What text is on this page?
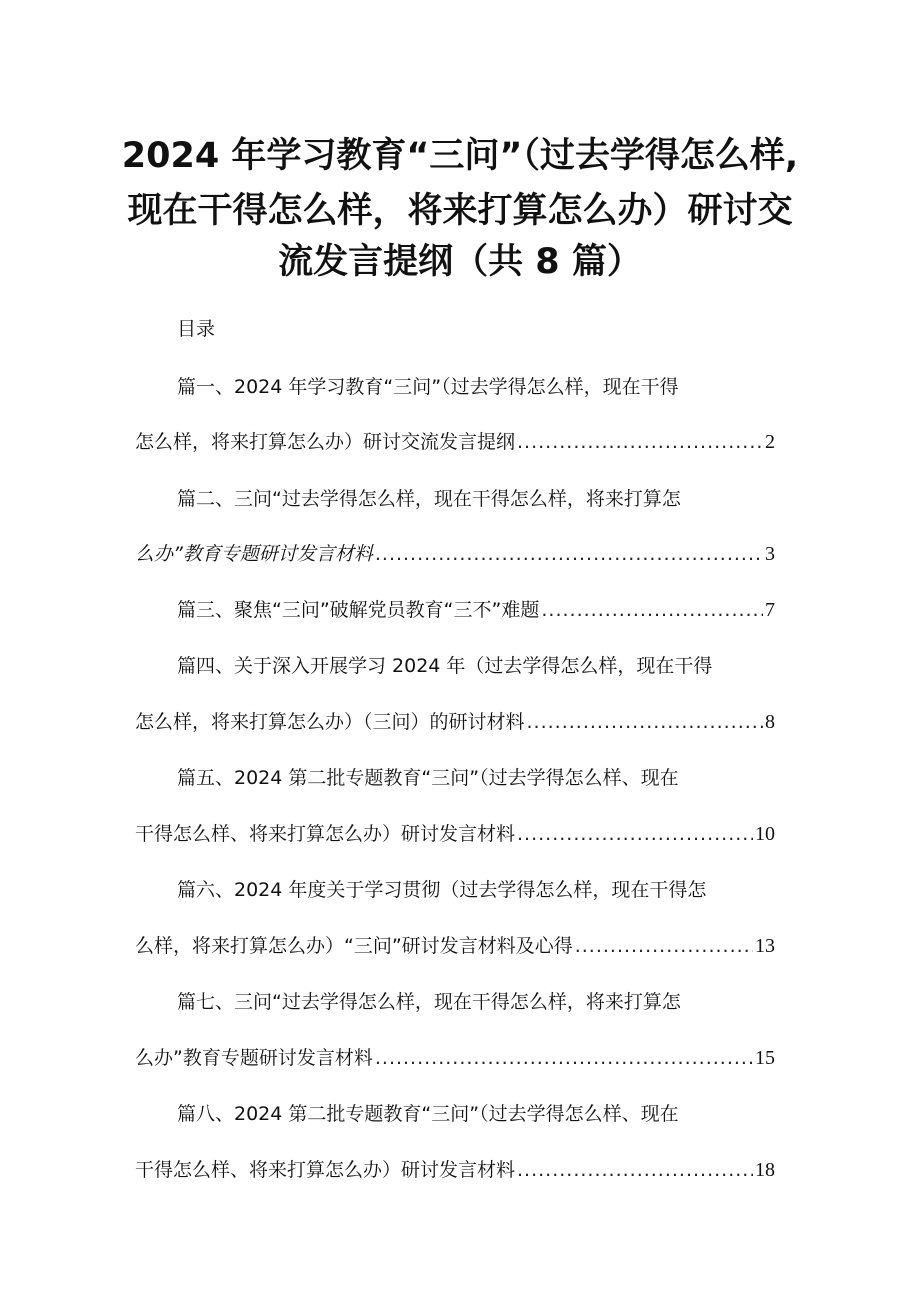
2024 年学习教育“三问”（过去学得怎么样,
现在干得怎么样，将来打算怎么办）研讨交
流发言提纲（共 8 篇）
目录
篇一、2024 年学习教育“三问”（过去学得怎么样，现在干得
怎么样，将来打算怎么办）研讨交流发言提纲 .....	2
篇二、三问“过去学得怎么样，现在干得怎么样，将来打算怎
么办”教育专题研讨发言材料 .....	3
篇三、聚焦“三问”破解党员教育“三不”难题 .....	7
篇四、关于深入开展学习 2024 年（过去学得怎么样，现在干得
怎么样，将来打算怎么办）（三问）的研讨材料 .....	8
篇五、2024 第二批专题教育“三问”（过去学得怎么样、现在
干得怎么样、将来打算怎么办）研讨发言材料 .....	10
篇六、2024 年度关于学习贯彻（过去学得怎么样，现在干得怎
么样，将来打算怎么办）“三问”研讨发言材料及心得 .....	13
篇七、三问“过去学得怎么样，现在干得怎么样，将来打算怎
么办”教育专题研讨发言材料 .....	15
篇八、2024 第二批专题教育“三问”（过去学得怎么样、现在
干得怎么样、将来打算怎么办）研讨发言材料 .....	18
